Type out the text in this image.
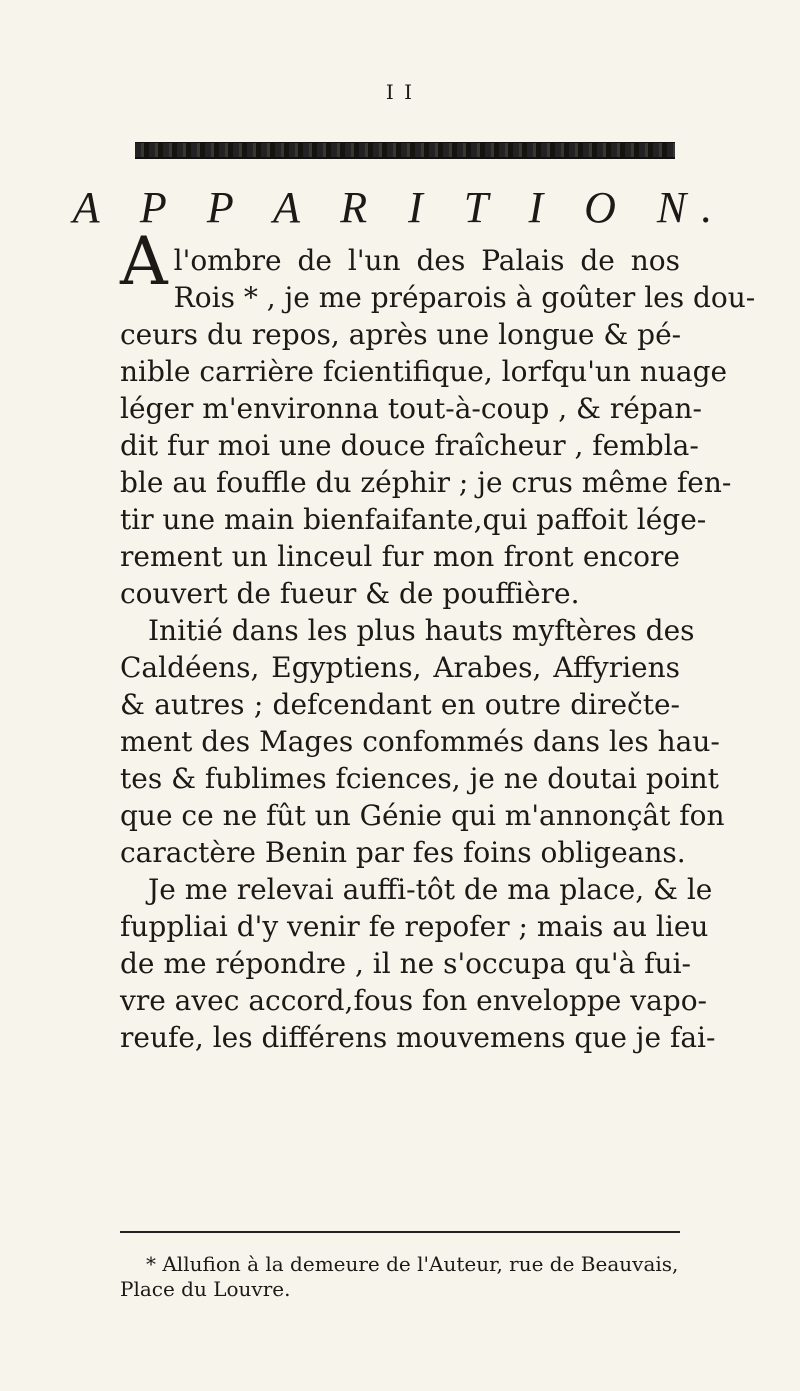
I I
A P P A R I T I O N.
Al'ombre de l'un des Palais de nos
Rois * , je me préparois à goûter les dou-
ceurs du repos, après une longue & pé-
nible carrière fcientifique, lorfqu'un nuage
léger m'environna tout-à-coup , & répan-
dit fur moi une douce fraîcheur , fembla-
ble au fouffle du zéphir ; je crus même fen-
tir une main bienfaifante,qui paffoit lége-
rement un linceul fur mon front encore
couvert de fueur & de pouffière.
Initié dans les plus hauts myftères des
Caldéens, Egyptiens, Arabes, Affyriens
& autres ; defcendant en outre direčte-
ment des Mages confommés dans les hau-
tes & fublimes fciences, je ne doutai point
que ce ne fût un Génie qui m'annonçât fon
caractère Benin par fes foins obligeans.
Je me relevai auffi-tôt de ma place, & le
fuppliai d'y venir fe repofer ; mais au lieu
de me répondre , il ne s'occupa qu'à fui-
vre avec accord,fous fon enveloppe vapo-
reufe, les différens mouvemens que je fai-
* Allufion à la demeure de l'Auteur, rue de Beauvais,
Place du Louvre.
